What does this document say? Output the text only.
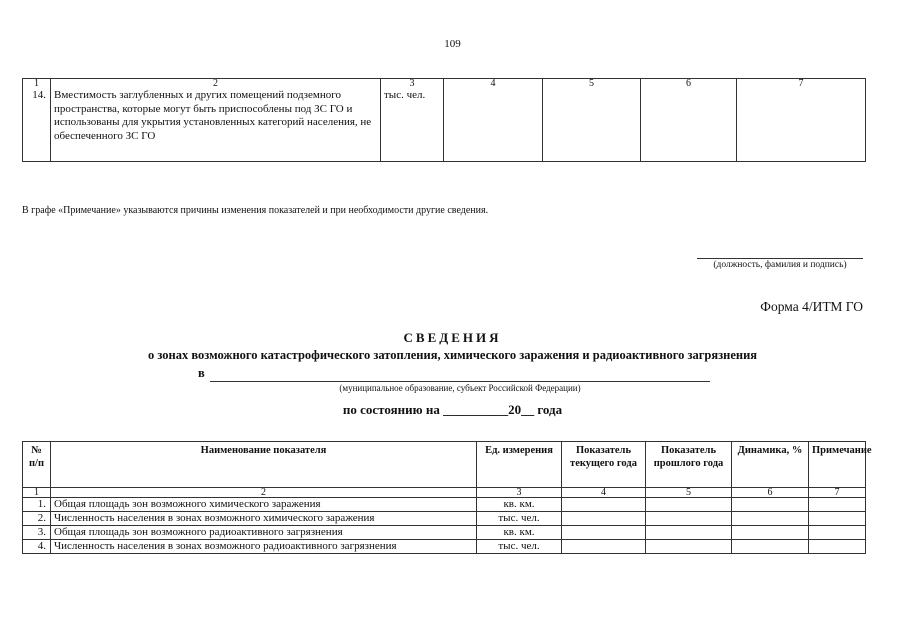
109
1	2	3	4	5	6	7
14.	Вместимость заглубленных и других помещений подземного пространства, которые могут быть приспособлены под ЗС ГО и использованы для укрытия установленных категорий населения, не обеспеченного ЗС ГО	тыс. чел.				
В графе «Примечание» указываются причины изменения показателей и при необходимости другие сведения.
(должность, фамилия и подпись)
Форма 4/ИТМ ГО
СВЕДЕНИЯ
о зонах возможного катастрофического затопления, химического заражения и радиоактивного загрязнения
в
(муниципальное образование, субъект Российской Федерации)
по состоянию на __________20__ года
№ п/п	Наименование показателя	Ед. измерения	Показатель текущего года	Показатель прошлого года	Динамика, %	Примечание
1	2	3	4	5	6	7
1.	Общая площадь зон возможного химического заражения	кв. км.				
2.	Численность населения в зонах возможного химического заражения	тыс. чел.				
3.	Общая площадь зон возможного радиоактивного загрязнения	кв. км.				
4.	Численность населения в зонах возможного радиоактивного загрязнения	тыс. чел.				
